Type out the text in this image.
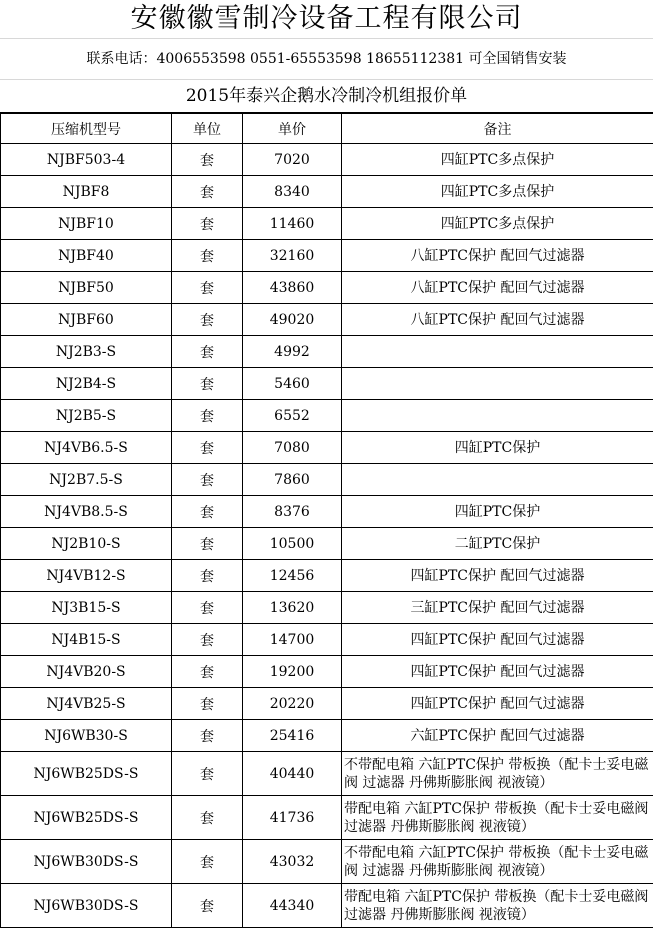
安徽徽雪制冷设备工程有限公司
联系电话：4006553598 0551-65553598 18655112381 可全国销售安装
2015年泰兴企鹅水冷制冷机组报价单
压缩机型号	单位	单价	备注
NJBF503-4	套	7020	四缸PTC多点保护
NJBF8	套	8340	四缸PTC多点保护
NJBF10	套	11460	四缸PTC多点保护
NJBF40	套	32160	八缸PTC保护 配回气过滤器
NJBF50	套	43860	八缸PTC保护 配回气过滤器
NJBF60	套	49020	八缸PTC保护 配回气过滤器
NJ2B3-S	套	4992	
NJ2B4-S	套	5460	
NJ2B5-S	套	6552	
NJ4VB6.5-S	套	7080	四缸PTC保护
NJ2B7.5-S	套	7860	
NJ4VB8.5-S	套	8376	四缸PTC保护
NJ2B10-S	套	10500	二缸PTC保护
NJ4VB12-S	套	12456	四缸PTC保护 配回气过滤器
NJ3B15-S	套	13620	三缸PTC保护 配回气过滤器
NJ4B15-S	套	14700	四缸PTC保护 配回气过滤器
NJ4VB20-S	套	19200	四缸PTC保护 配回气过滤器
NJ4VB25-S	套	20220	四缸PTC保护 配回气过滤器
NJ6WB30-S	套	25416	六缸PTC保护 配回气过滤器
NJ6WB25DS-S	套	40440	不带配电箱 六缸PTC保护 带板换（配卡士妥电磁阀 过滤器 丹佛斯膨胀阀 视液镜）
NJ6WB25DS-S	套	41736	带配电箱 六缸PTC保护 带板换（配卡士妥电磁阀 过滤器 丹佛斯膨胀阀 视液镜）
NJ6WB30DS-S	套	43032	不带配电箱 六缸PTC保护 带板换（配卡士妥电磁阀 过滤器 丹佛斯膨胀阀 视液镜）
NJ6WB30DS-S	套	44340	带配电箱 六缸PTC保护 带板换（配卡士妥电磁阀 过滤器 丹佛斯膨胀阀 视液镜）
